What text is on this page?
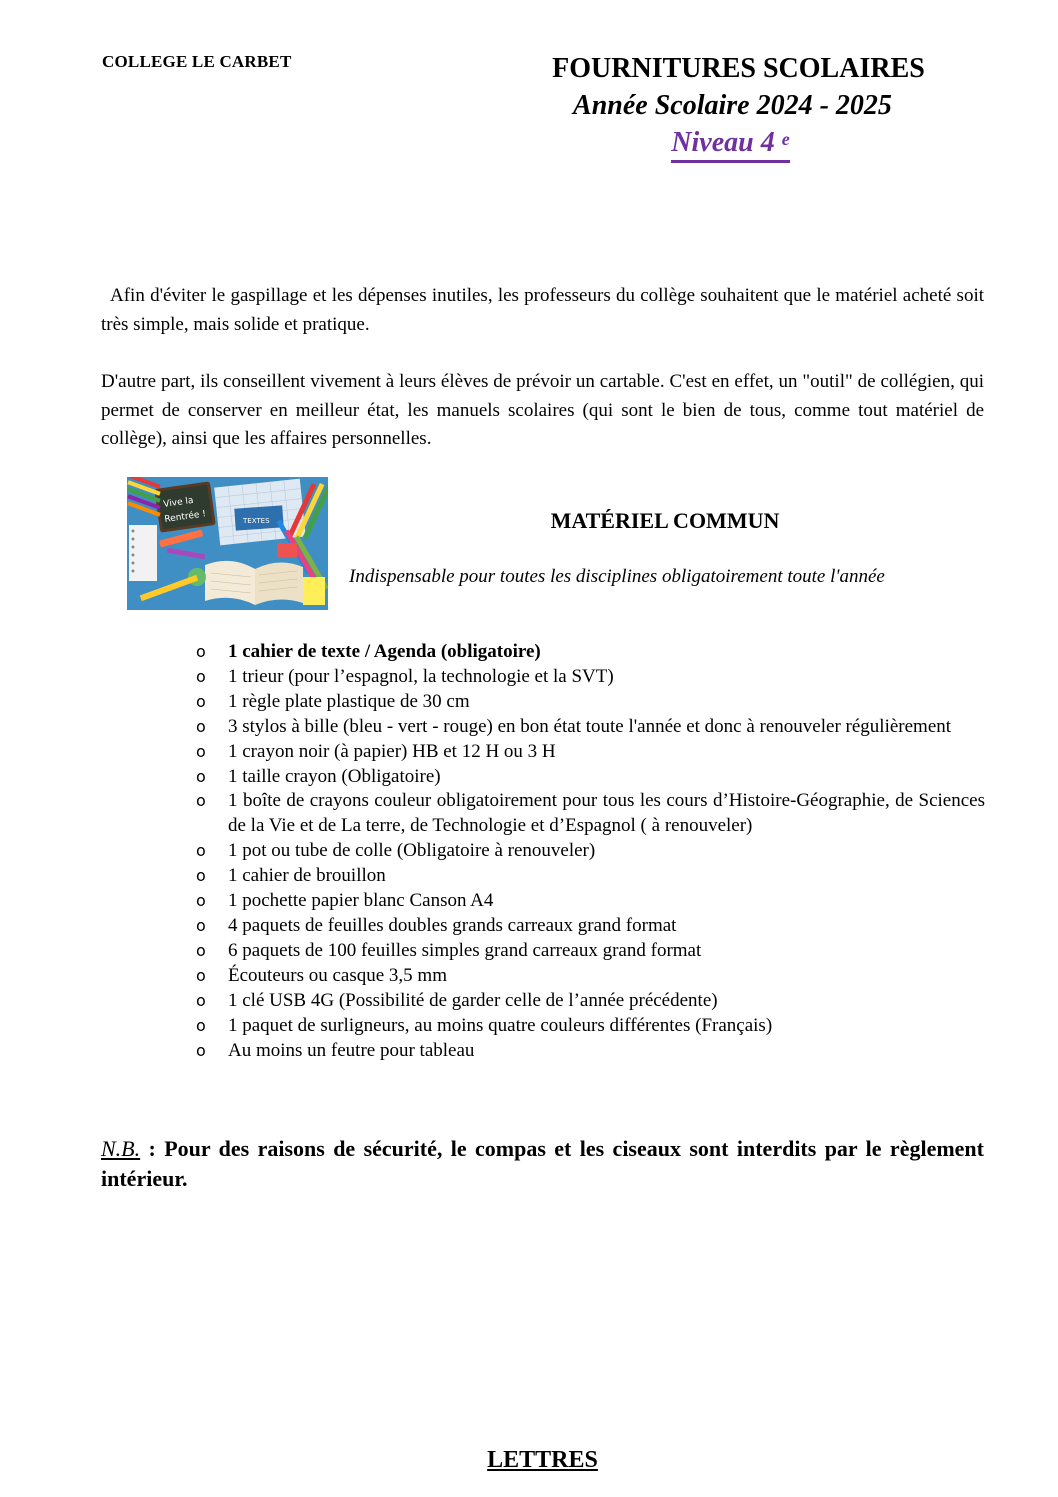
COLLEGE LE CARBET	FOURNITURES SCOLAIRES
Année Scolaire 2024 - 2025
Niveau 4 $^e$
Afin d'éviter le gaspillage et les dépenses inutiles, les professeurs du collège souhaitent que le matériel acheté soit très simple, mais solide et pratique.
D'autre part, ils conseillent vivement à leurs élèves de prévoir un cartable. C'est en effet, un "outil" de collégien, qui permet de conserver en meilleur état, les manuels scolaires (qui sont le bien de tous, comme tout matériel de collège), ainsi que les affaires personnelles.
TEXTES
Vive la
Rentrée !	MATÉRIEL COMMUN
Indispensable pour toutes les disciplines obligatoirement toute l'année
o 1 cahier de texte / Agenda (obligatoire)
o 1 trieur (pour l’espagnol, la technologie et la SVT)
o 1 règle plate plastique de 30 cm
o 3 stylos à bille (bleu - vert - rouge) en bon état toute l'année et donc à renouveler régulièrement
o 1 crayon noir (à papier) HB et 12 H ou 3 H
o 1 taille crayon (Obligatoire)
o 1 boîte de crayons couleur obligatoirement pour tous les cours d’Histoire-Géographie, de Sciences de la Vie et de La terre, de Technologie et d’Espagnol ( à renouveler)
o 1 pot ou tube de colle (Obligatoire à renouveler)
o 1 cahier de brouillon
o 1 pochette papier blanc Canson A4
o 4 paquets de feuilles doubles grands carreaux grand format
o 6 paquets de 100 feuilles simples grand carreaux grand format
o Écouteurs ou casque 3,5 mm
o 1 clé USB 4G (Possibilité de garder celle de l’année précédente)
o 1 paquet de surligneurs, au moins quatre couleurs différentes (Français)
o Au moins un feutre pour tableau
N.B. : Pour des raisons de sécurité, le compas et les ciseaux sont interdits par le règlement intérieur.
LETTRES
